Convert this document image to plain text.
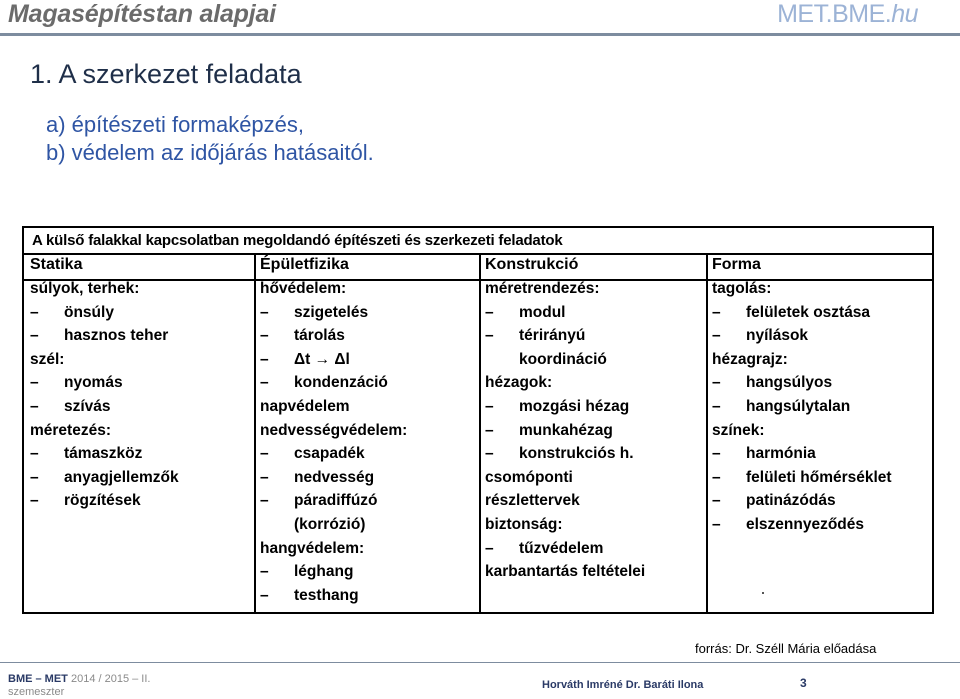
Magasépítéstan alapjai	MET.BME.hu
1. A szerkezet feladata
a) építészeti formaképzés,
b) védelem az időjárás hatásaitól.
A külső falakkal kapcsolatban megoldandó építészeti és szerkezeti feladatok
Statika
súlyok, terhek:
– önsúly
– hasznos teher
szél:
– nyomás
– szívás
méretezés:
– támaszköz
– anyagjellemzők
– rögzítések
Épületfizika
hővédelem:
– szigetelés
– tárolás
– Δt → Δl
– kondenzáció
napvédelem
nedvességvédelem:
– csapadék
– nedvesség
– páradiffúzó
(korrózió)
hangvédelem:
– léghang
– testhang
Konstrukció
méretrendezés:
– modul
– térirányú
koordináció
hézagok:
– mozgási hézag
– munkahézag
– konstrukciós h.
csomóponti
részlettervek
biztonság:
– tűzvédelem
karbantartás feltételei
Forma
tagolás:
– felületek osztása
– nyílások
hézagrajz:
– hangsúlyos
– hangsúlytalan
színek:
– harmónia
– felületi hőmérséklet
– patinázódás
– elszennyeződés
forrás: Dr. Széll Mária előadása
BME – MET 2014 / 2015 – II.
szemeszter
Horváth Imréné Dr. Baráti Ilona	3
